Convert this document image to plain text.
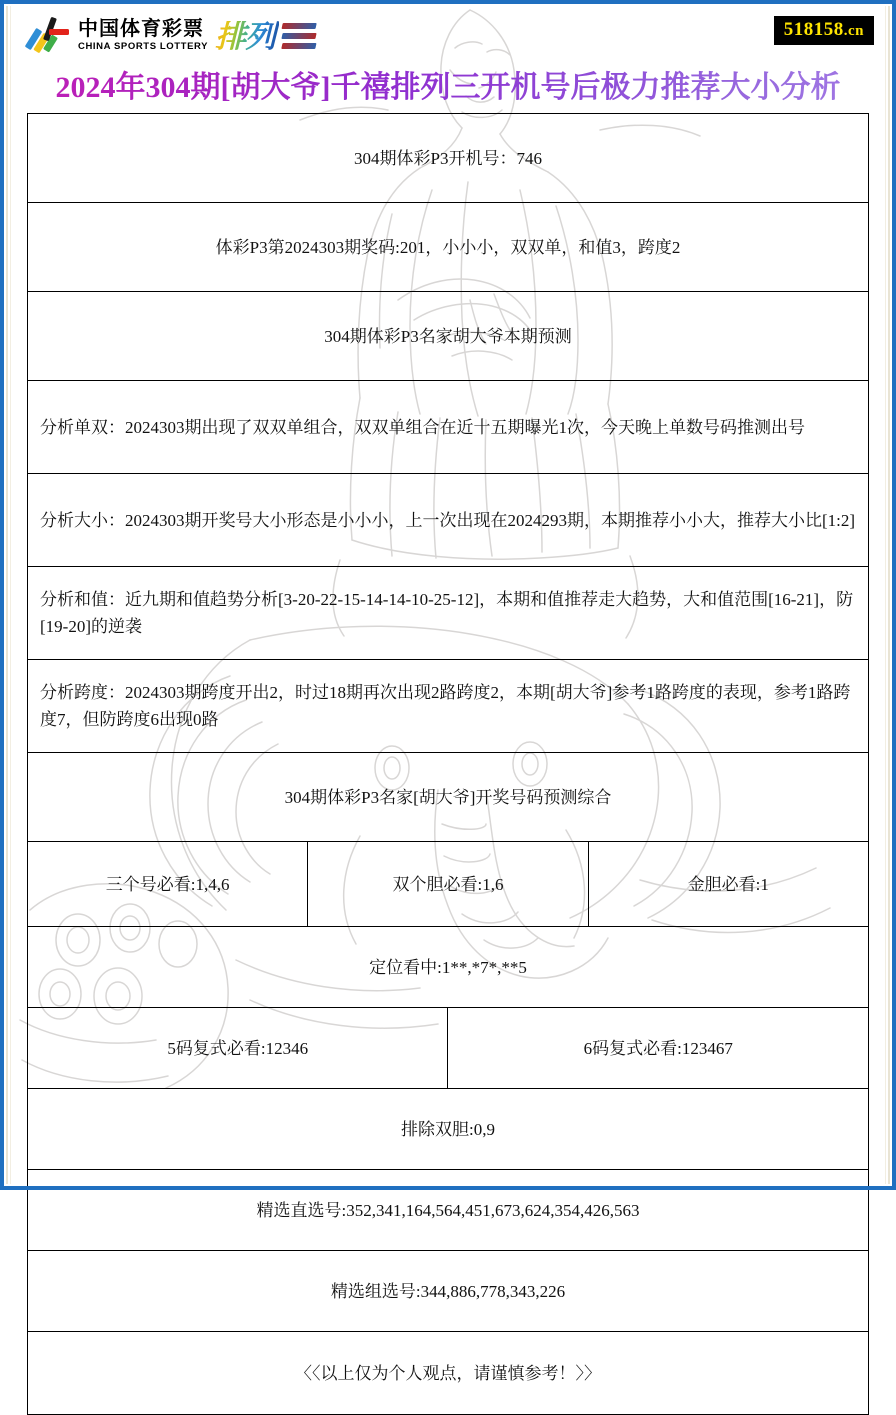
中国体育彩票
CHINA SPORTS LOTTERY 排列	518158.cn
2024年304期[胡大爷]千禧排列三开机号后极力推荐大小分析
304期体彩P3开机号：746			
体彩P3第2024303期奖码:201，小小小，双双单，和值3，跨度2			
304期体彩P3名家胡大爷本期预测			
分析单双：2024303期出现了双双单组合，双双单组合在近十五期曝光1次，今天晚上单数号码推测出号			
分析大小：2024303期开奖号大小形态是小小小，上一次出现在2024293期，本期推荐小小大，推荐大小比[1:2]			
分析和值：近九期和值趋势分析[3-20-22-15-14-14-10-25-12]，本期和值推荐走大趋势，大和值范围[16-21]，防[19-20]的逆袭			
分析跨度：2024303期跨度开出2，时过18期再次出现2路跨度2，本期[胡大爷]参考1路跨度的表现，参考1路跨度7，但防跨度6出现0路			
304期体彩P3名家[胡大爷]开奖号码预测综合			
三个号必看:1,4,6	双个胆必看:1,6		金胆必看:1
定位看中:1**,*7*,**5			
5码复式必看:12346		6码复式必看:123467	
排除双胆:0,9			
精选直选号:352,341,164,564,451,673,624,354,426,563			
精选组选号:344,886,778,343,226			
〈〈以上仅为个人观点，请谨慎参考！〉〉			
